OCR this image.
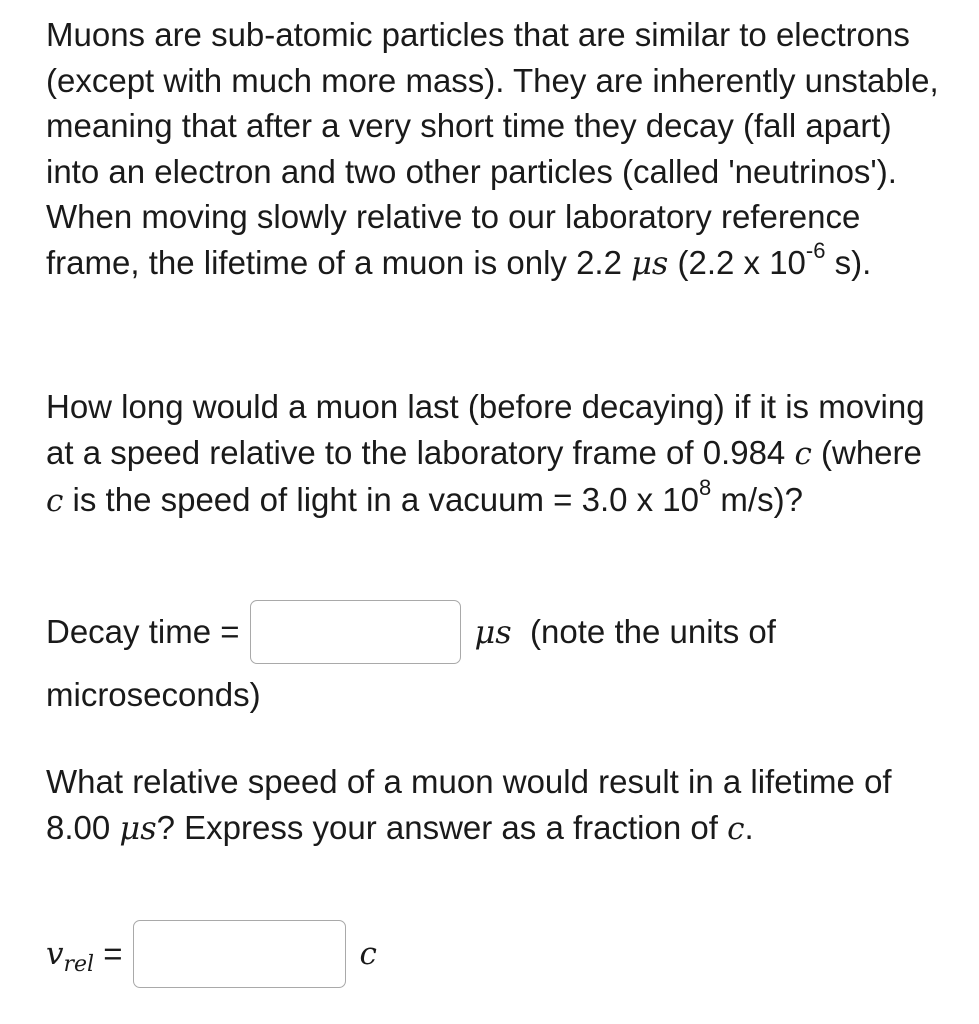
Muons are sub-atomic particles that are similar to electrons (except with much more mass). They are inherently unstable, meaning that after a very short time they decay (fall apart) into an electron and two other particles (called 'neutrinos'). When moving slowly relative to our laboratory reference frame, the lifetime of a muon is only 2.2 μs (2.2 x $10^{-6}$ s).

How long would a muon last (before decaying) if it is moving at a speed relative to the laboratory frame of 0.984 c (where c is the speed of light in a vacuum = 3.0 x $10^8$ m/s)?

Decay time =	μs (note the units of
microseconds)

What relative speed of a muon would result in a lifetime of 8.00 μs? Express your answer as a fraction of c.

v rel =	c
